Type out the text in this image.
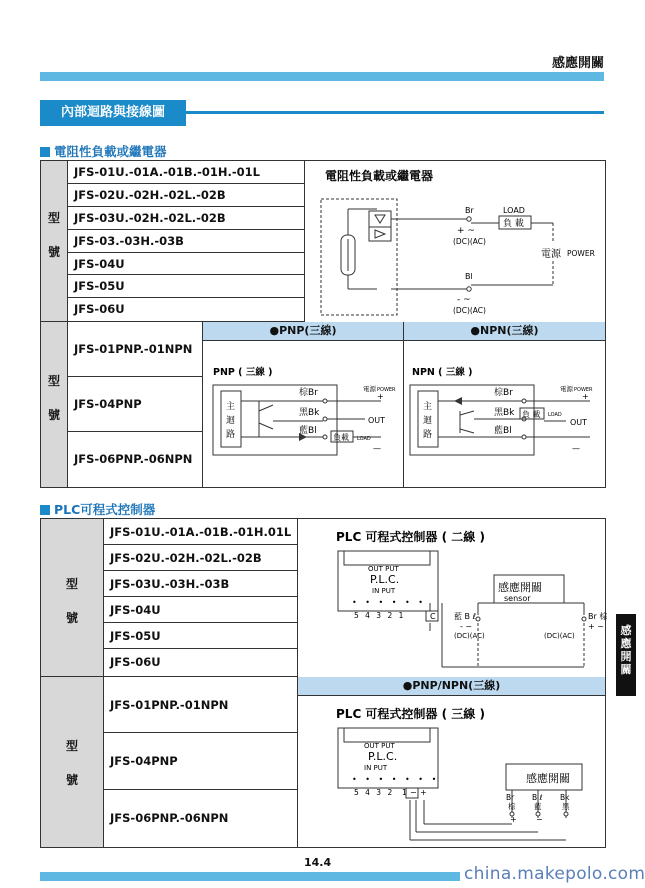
感應開關
內部迴路與接線圖
電阻性負載或繼電器
型
號
JFS-01U.-01A.-01B.-01H.-01L
JFS-02U.-02H.-02L.-02B
JFS-03U.-02H.-02L.-02B
JFS-03.-03H.-03B
JFS-04U
JFS-05U
JFS-06U
電阻性負載或繼電器
Br
+ ~
(DC)(AC)
LOAD
負 載
電源 POWER
Bl
- ~
(DC)(AC)
型
號
JFS-01PNP.-01NPN
JFS-04PNP
JFS-06PNP.-06NPN
●PNP(三線)	●NPN(三線)
PNP ( 三線 )
主
迴
路
棕Br
黑Bk
藍Bl
電源 POWER
+
OUT
負載 LOAD
—
NPN ( 三線 )
主
迴
路
棕Br
黑Bk
藍Bl
電源 POWER
+
負 載 LOAD
OUT
—
PLC可程式控制器
型
號
JFS-01U.-01A.-01B.-01H.01L
JFS-02U.-02H.-02L.-02B
JFS-03U.-03H.-03B
JFS-04U
JFS-05U
JFS-06U
PLC 可程式控制器 ( 二線 )
OUT PUT
P.L.C.
IN PUT
• • • • • •
5 4 3 2 1	C
感應開關
sensor
藍 B ℓ
- ~
(DC)(AC)
Br 棕
+ ~
(DC)(AC)
型
號
JFS-01PNP.-01NPN
JFS-04PNP
JFS-06PNP.-06NPN
●PNP/NPN(三線)
PLC 可程式控制器 ( 三線 )
OUT PUT
P.L.C.
IN PUT
• • • • • • •
5 4 3 2 1 − +
感應開關
Br
棕
+
B ℓ
藍
−
Bk
黑
14.4
china.makepolo.com
感
應
開
關
